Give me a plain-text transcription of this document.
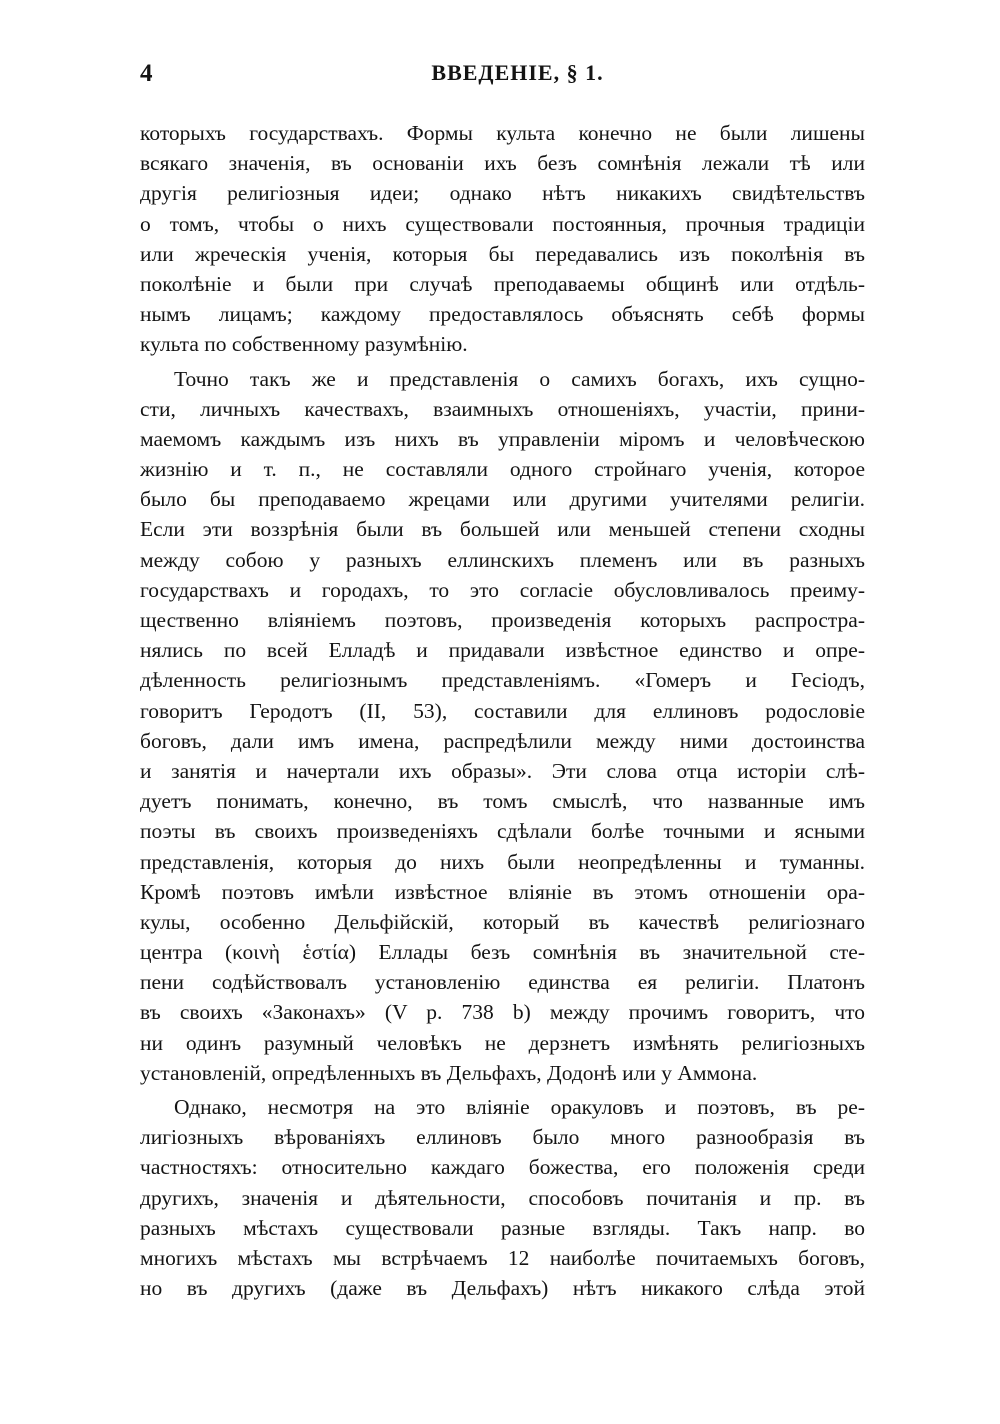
4	ВВЕДЕНІЕ, § 1.

которыхъ государствахъ. Формы культа конечно не были лишены
всякаго значенія, въ основаніи ихъ безъ сомнѣнія лежали тѣ или
другія религіозныя идеи; однако нѣтъ никакихъ свидѣтельствъ
о томъ, чтобы о нихъ существовали постоянныя, прочныя традиціи
или жреческія ученія, которыя бы передавались изъ поколѣнія въ
поколѣніе и были при случаѣ преподаваемы общинѣ или отдѣль-
нымъ лицамъ; каждому предоставлялось объяснять себѣ формы
культа по собственному разумѣнію.

Точно такъ же и представленія о самихъ богахъ, ихъ сущно-
сти, личныхъ качествахъ, взаимныхъ отношеніяхъ, участіи, прини-
маемомъ каждымъ изъ нихъ въ управленіи міромъ и человѣческою
жизнію и т. п., не составляли одного стройнаго ученія, которое
было бы преподаваемо жрецами или другими учителями религіи.
Если эти воззрѣнія были въ большей или меньшей степени сходны
между собою у разныхъ еллинскихъ племенъ или въ разныхъ
государствахъ и городахъ, то это согласіе обусловливалось преиму-
щественно вліяніемъ поэтовъ, произведенія которыхъ распростра-
нялись по всей Елладѣ и придавали извѣстное единство и опре-
дѣленность религіознымъ представленіямъ. «Гомеръ и Гесіодъ,
говоритъ Геродотъ (II, 53), составили для еллиновъ родословіе
боговъ, дали имъ имена, распредѣлили между ними достоинства
и занятія и начертали ихъ образы». Эти слова отца исторіи слѣ-
дуетъ понимать, конечно, въ томъ смыслѣ, что названные имъ
поэты въ своихъ произведеніяхъ сдѣлали болѣе точными и ясными
представленія, которыя до нихъ были неопредѣленны и туманны.
Кромѣ поэтовъ имѣли извѣстное вліяніе въ этомъ отношеніи ора-
кулы, особенно Дельфійскій, который въ качествѣ религіознаго
центра (κοινὴ ἑστία) Еллады безъ сомнѣнія въ значительной сте-
пени содѣйствовалъ установленію единства ея религіи. Платонъ
въ своихъ «Законахъ» (V p. 738 b) между прочимъ говоритъ, что
ни одинъ разумный человѣкъ не дерзнетъ измѣнять религіозныхъ
установленій, опредѣленныхъ въ Дельфахъ, Додонѣ или у Аммона.

Однако, несмотря на это вліяніе оракуловъ и поэтовъ, въ ре-
лигіозныхъ вѣрованіяхъ еллиновъ было много разнообразія въ
частностяхъ: относительно каждаго божества, его положенія среди
другихъ, значенія и дѣятельности, способовъ почитанія и пр. въ
разныхъ мѣстахъ существовали разные взгляды. Такъ напр. во
многихъ мѣстахъ мы встрѣчаемъ 12 наиболѣе почитаемыхъ боговъ,
но въ другихъ (даже въ Дельфахъ) нѣтъ никакого слѣда этой
